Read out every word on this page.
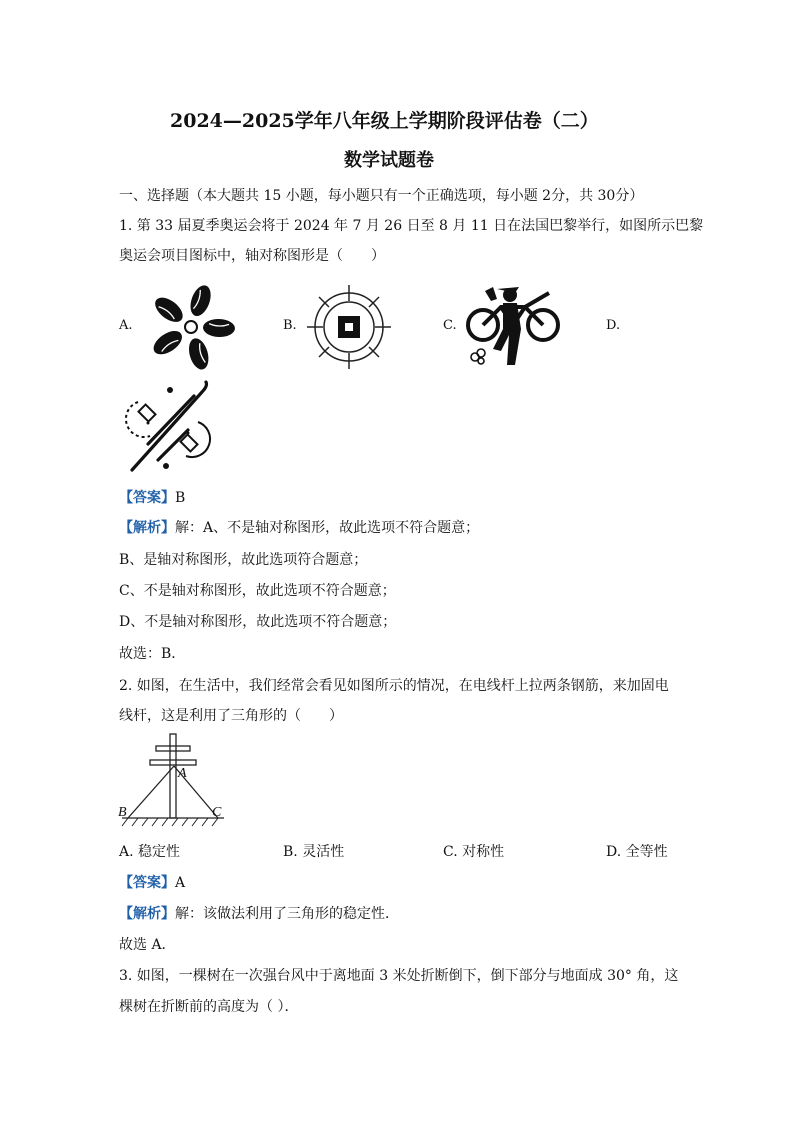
2024—2025学年八年级上学期阶段评估卷（二）
数学试题卷
一、选择题（本大题共 15 小题，每小题只有一个正确选项，每小题 2分，共 30分）
1. 第 33 届夏季奥运会将于 2024 年 7 月 26 日至 8 月 11 日在法国巴黎举行，如图所示巴黎
奥运会项目图标中，轴对称图形是（　　）
A.	B.	C.	D.
【答案】B
【解析】解：A、不是轴对称图形，故此选项不符合题意；
B、是轴对称图形，故此选项符合题意；
C、不是轴对称图形，故此选项不符合题意；
D、不是轴对称图形，故此选项不符合题意；
故选：B．
2. 如图，在生活中，我们经常会看见如图所示的情况，在电线杆上拉两条钢筋，来加固电
线杆，这是利用了三角形的（　　）
A
B	C
A. 稳定性	B. 灵活性	C. 对称性	D. 全等性
【答案】A
【解析】解：该做法利用了三角形的稳定性．
故选 A．
3. 如图，一棵树在一次强台风中于离地面 3 米处折断倒下，倒下部分与地面成 30° 角，这
棵树在折断前的高度为（ ）．
